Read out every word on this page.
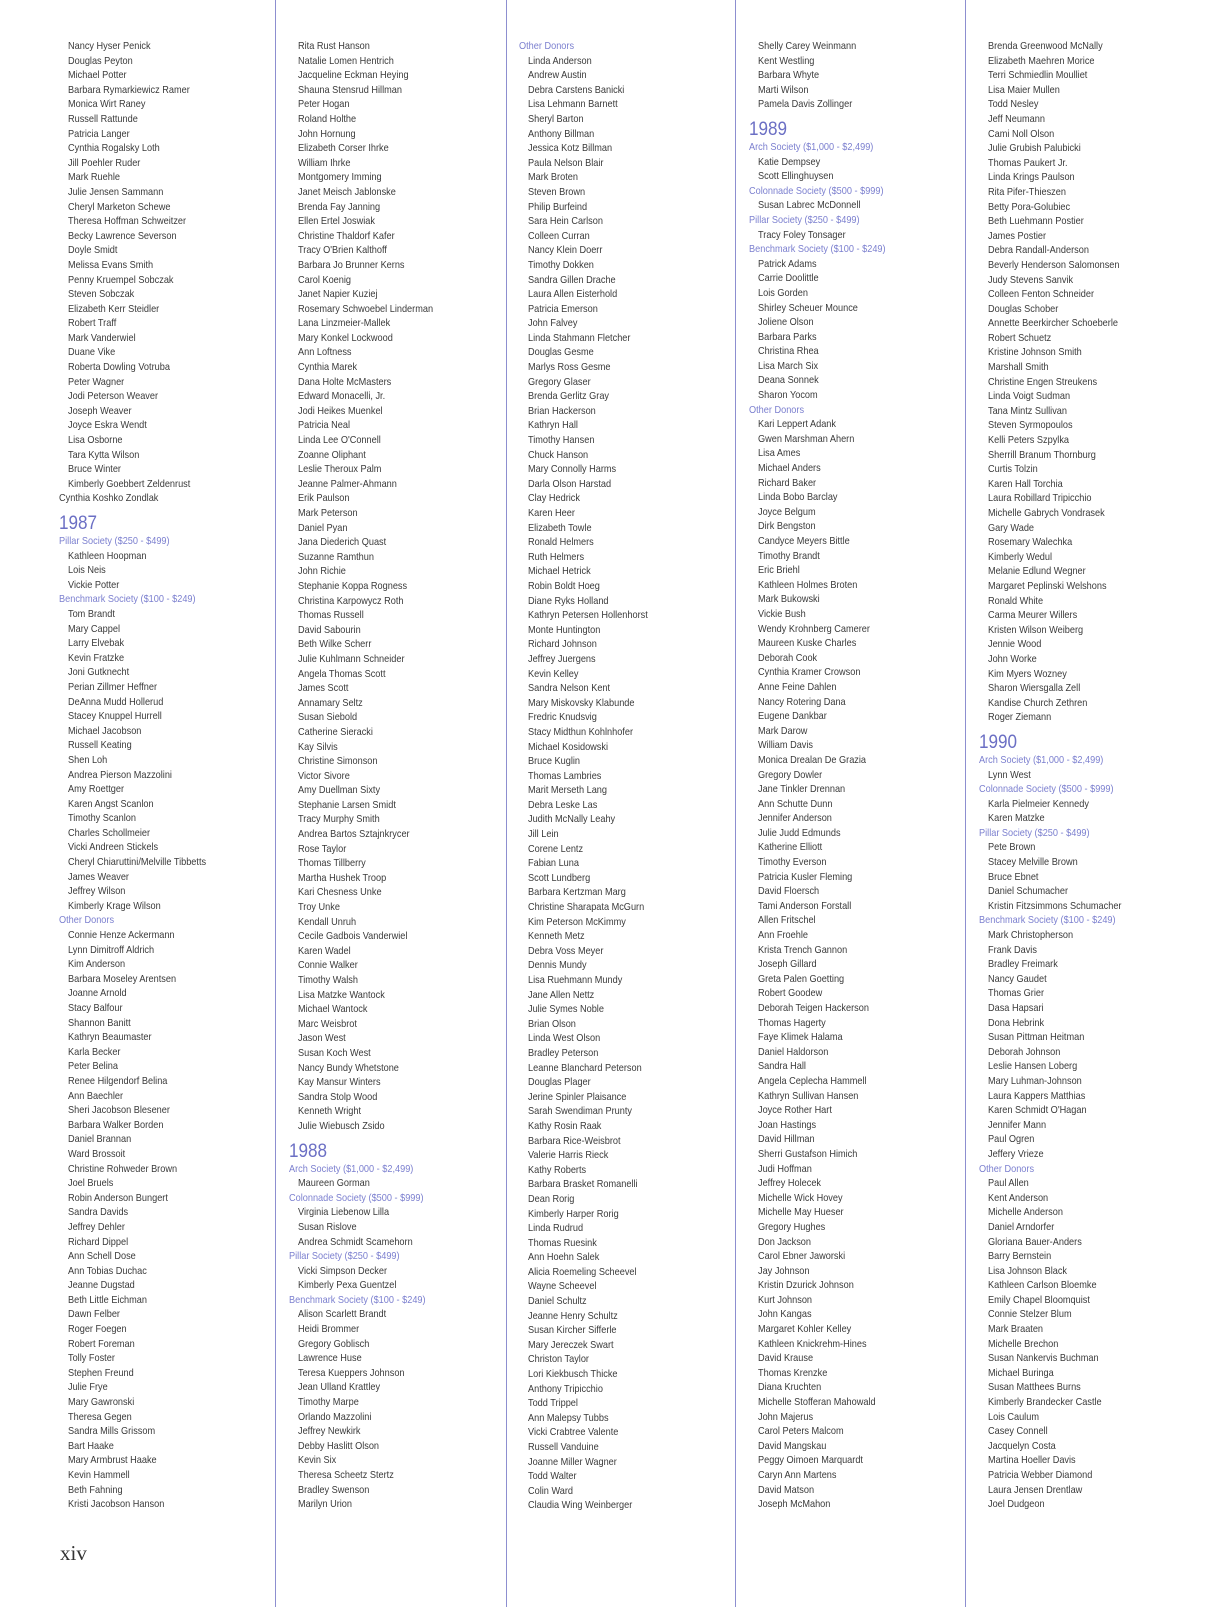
Nancy Hyser Penick
Douglas Peyton
Michael Potter
Barbara Rymarkiewicz Ramer
Monica Wirt Raney
Russell Rattunde
Patricia Langer
Cynthia Rogalsky Loth
Jill Poehler Ruder
Mark Ruehle
Julie Jensen Sammann
Cheryl Marketon Schewe
Theresa Hoffman Schweitzer
Becky Lawrence Severson
Doyle Smidt
Melissa Evans Smith
Penny Kruempel Sobczak
Steven Sobczak
Elizabeth Kerr Steidler
Robert Traff
Mark Vanderwiel
Duane Vike
Roberta Dowling Votruba
Peter Wagner
Jodi Peterson Weaver
Joseph Weaver
Joyce Eskra Wendt
Lisa Osborne
Tara Kytta Wilson
Bruce Winter
Kimberly Goebbert Zeldenrust
Cynthia Koshko Zondlak
1987
Pillar Society ($250 - $499)
Kathleen Hoopman
Lois Neis
Vickie Potter
Benchmark Society ($100 - $249)
Tom Brandt
Mary Cappel
Larry Elvebak
Kevin Fratzke
Joni Gutknecht
Perian Zillmer Heffner
DeAnna Mudd Hollerud
Stacey Knuppel Hurrell
Michael Jacobson
Russell Keating
Shen Loh
Andrea Pierson Mazzolini
Amy Roettger
Karen Angst Scanlon
Timothy Scanlon
Charles Schollmeier
Vicki Andreen Stickels
Cheryl Chiaruttini/Melville Tibbetts
James Weaver
Jeffrey Wilson
Kimberly Krage Wilson
Other Donors
Connie Henze Ackermann
Lynn Dimitroff Aldrich
Kim Anderson
Barbara Moseley Arentsen
Joanne Arnold
Stacy Balfour
Shannon Banitt
Kathryn Beaumaster
Karla Becker
Peter Belina
Renee Hilgendorf Belina
Ann Baechler
Sheri Jacobson Blesener
Barbara Walker Borden
Daniel Brannan
Ward Brossoit
Christine Rohweder Brown
Joel Bruels
Robin Anderson Bungert
Sandra Davids
Jeffrey Dehler
Richard Dippel
Ann Schell Dose
Ann Tobias Duchac
Jeanne Dugstad
Beth Little Eichman
Dawn Felber
Roger Foegen
Robert Foreman
Tolly Foster
Stephen Freund
Julie Frye
Mary Gawronski
Theresa Gegen
Sandra Mills Grissom
Bart Haake
Mary Armbrust Haake
Kevin Hammell
Beth Fahning
Kristi Jacobson Hanson
Rita Rust Hanson
Natalie Lomen Hentrich
Jacqueline Eckman Heying
Shauna Stensrud Hillman
Peter Hogan
Roland Holthe
John Hornung
Elizabeth Corser Ihrke
William Ihrke
Montgomery Imming
Janet Meisch Jablonske
Brenda Fay Janning
Ellen Ertel Joswiak
Christine Thaldorf Kafer
Tracy O'Brien Kalthoff
Barbara Jo Brunner Kerns
Carol Koenig
Janet Napier Kuziej
Rosemary Schwoebel Linderman
Lana Linzmeier-Mallek
Mary Konkel Lockwood
Ann Loftness
Cynthia Marek
Dana Holte McMasters
Edward Monacelli, Jr.
Jodi Heikes Muenkel
Patricia Neal
Linda Lee O'Connell
Zoanne Oliphant
Leslie Theroux Palm
Jeanne Palmer-Ahmann
Erik Paulson
Mark Peterson
Daniel Pyan
Jana Diederich Quast
Suzanne Ramthun
John Richie
Stephanie Koppa Rogness
Christina Karpowycz Roth
Thomas Russell
David Sabourin
Beth Wilke Scherr
Julie Kuhlmann Schneider
Angela Thomas Scott
James Scott
Annamary Seltz
Susan Siebold
Catherine Sieracki
Kay Silvis
Christine Simonson
Victor Sivore
Amy Duellman Sixty
Stephanie Larsen Smidt
Tracy Murphy Smith
Andrea Bartos Sztajnkrycer
Rose Taylor
Thomas Tillberry
Martha Hushek Troop
Kari Chesness Unke
Troy Unke
Kendall Unruh
Cecile Gadbois Vanderwiel
Karen Wadel
Connie Walker
Timothy Walsh
Lisa Matzke Wantock
Michael Wantock
Marc Weisbrot
Jason West
Susan Koch West
Nancy Bundy Whetstone
Kay Mansur Winters
Sandra Stolp Wood
Kenneth Wright
Julie Wiebusch Zsido
1988
Arch Society ($1,000 - $2,499)
Maureen Gorman
Colonnade Society ($500 - $999)
Virginia Liebenow Lilla
Susan Rislove
Andrea Schmidt Scamehorn
Pillar Society ($250 - $499)
Vicki Simpson Decker
Kimberly Pexa Guentzel
Benchmark Society ($100 - $249)
Alison Scarlett Brandt
Heidi Brommer
Gregory Goblisch
Lawrence Huse
Teresa Kueppers Johnson
Jean Ulland Krattley
Timothy Marpe
Orlando Mazzolini
Jeffrey Newkirk
Debby Haslitt Olson
Kevin Six
Theresa Scheetz Stertz
Bradley Swenson
Marilyn Urion
Other Donors
Linda Anderson
Andrew Austin
Debra Carstens Banicki
Lisa Lehmann Barnett
Sheryl Barton
Anthony Billman
Jessica Kotz Billman
Paula Nelson Blair
Mark Broten
Steven Brown
Philip Burfeind
Sara Hein Carlson
Colleen Curran
Nancy Klein Doerr
Timothy Dokken
Sandra Gillen Drache
Laura Allen Eisterhold
Patricia Emerson
John Falvey
Linda Stahmann Fletcher
Douglas Gesme
Marlys Ross Gesme
Gregory Glaser
Brenda Gerlitz Gray
Brian Hackerson
Kathryn Hall
Timothy Hansen
Chuck Hanson
Mary Connolly Harms
Darla Olson Harstad
Clay Hedrick
Karen Heer
Elizabeth Towle
Ronald Helmers
Ruth Helmers
Michael Hetrick
Robin Boldt Hoeg
Diane Ryks Holland
Kathryn Petersen Hollenhorst
Monte Huntington
Richard Johnson
Jeffrey Juergens
Kevin Kelley
Sandra Nelson Kent
Mary Miskovsky Klabunde
Fredric Knudsvig
Stacy Midthun Kohlnhofer
Michael Kosidowski
Bruce Kuglin
Thomas Lambries
Marit Merseth Lang
Debra Leske Las
Judith McNally Leahy
Jill Lein
Corene Lentz
Fabian Luna
Scott Lundberg
Barbara Kertzman Marg
Christine Sharapata McGurn
Kim Peterson McKimmy
Kenneth Metz
Debra Voss Meyer
Dennis Mundy
Lisa Ruehmann Mundy
Jane Allen Nettz
Julie Symes Noble
Brian Olson
Linda West Olson
Bradley Peterson
Leanne Blanchard Peterson
Douglas Plager
Jerine Spinler Plaisance
Sarah Swendiman Prunty
Kathy Rosin Raak
Barbara Rice-Weisbrot
Valerie Harris Rieck
Kathy Roberts
Barbara Brasket Romanelli
Dean Rorig
Kimberly Harper Rorig
Linda Rudrud
Thomas Ruesink
Ann Hoehn Salek
Alicia Roemeling Scheevel
Wayne Scheevel
Daniel Schultz
Jeanne Henry Schultz
Susan Kircher Sifferle
Mary Jereczek Swart
Christon Taylor
Lori Kiekbusch Thicke
Anthony Tripicchio
Todd Trippel
Ann Malepsy Tubbs
Vicki Crabtree Valente
Russell Vanduine
Joanne Miller Wagner
Todd Walter
Colin Ward
Claudia Wing Weinberger
Shelly Carey Weinmann
Kent Westling
Barbara Whyte
Marti Wilson
Pamela Davis Zollinger
1989
Arch Society ($1,000 - $2,499)
Katie Dempsey
Scott Ellinghuysen
Colonnade Society ($500 - $999)
Susan Labrec McDonnell
Pillar Society ($250 - $499)
Tracy Foley Tonsager
Benchmark Society ($100 - $249)
Patrick Adams
Carrie Doolittle
Lois Gorden
Shirley Scheuer Mounce
Joliene Olson
Barbara Parks
Christina Rhea
Lisa March Six
Deana Sonnek
Sharon Yocom
Other Donors
Kari Leppert Adank
Gwen Marshman Ahern
Lisa Ames
Michael Anders
Richard Baker
Linda Bobo Barclay
Joyce Belgum
Dirk Bengston
Candyce Meyers Bittle
Timothy Brandt
Eric Briehl
Kathleen Holmes Broten
Mark Bukowski
Vickie Bush
Wendy Krohnberg Camerer
Maureen Kuske Charles
Deborah Cook
Cynthia Kramer Crowson
Anne Feine Dahlen
Nancy Rotering Dana
Eugene Dankbar
Mark Darow
William Davis
Monica Drealan De Grazia
Gregory Dowler
Jane Tinkler Drennan
Ann Schutte Dunn
Jennifer Anderson
Julie Judd Edmunds
Katherine Elliott
Timothy Everson
Patricia Kusler Fleming
David Floersch
Tami Anderson Forstall
Allen Fritschel
Ann Froehle
Krista Trench Gannon
Joseph Gillard
Greta Palen Goetting
Robert Goodew
Deborah Teigen Hackerson
Thomas Hagerty
Faye Klimek Halama
Daniel Haldorson
Sandra Hall
Angela Ceplecha Hammell
Kathryn Sullivan Hansen
Joyce Rother Hart
Joan Hastings
David Hillman
Sherri Gustafson Himich
Judi Hoffman
Jeffrey Holecek
Michelle Wick Hovey
Michelle May Hueser
Gregory Hughes
Don Jackson
Carol Ebner Jaworski
Jay Johnson
Kristin Dzurick Johnson
Kurt Johnson
John Kangas
Margaret Kohler Kelley
Kathleen Knickrehm-Hines
David Krause
Thomas Krenzke
Diana Kruchten
Michelle Stofferan Mahowald
John Majerus
Carol Peters Malcom
David Mangskau
Peggy Oimoen Marquardt
Caryn Ann Martens
David Matson
Joseph McMahon
Brenda Greenwood McNally
Elizabeth Maehren Morice
Terri Schmiedlin Moulliet
Lisa Maier Mullen
Todd Nesley
Jeff Neumann
Cami Noll Olson
Julie Grubish Palubicki
Thomas Paukert Jr.
Linda Krings Paulson
Rita Pifer-Thieszen
Betty Pora-Golubiec
Beth Luehmann Postier
James Postier
Debra Randall-Anderson
Beverly Henderson Salomonsen
Judy Stevens Sanvik
Colleen Fenton Schneider
Douglas Schober
Annette Beerkircher Schoeberle
Robert Schuetz
Kristine Johnson Smith
Marshall Smith
Christine Engen Streukens
Linda Voigt Sudman
Tana Mintz Sullivan
Steven Syrmopoulos
Kelli Peters Szpylka
Sherrill Branum Thornburg
Curtis Tolzin
Karen Hall Torchia
Laura Robillard Tripicchio
Michelle Gabrych Vondrasek
Gary Wade
Rosemary Walechka
Kimberly Wedul
Melanie Edlund Wegner
Margaret Peplinski Welshons
Ronald White
Carma Meurer Willers
Kristen Wilson Weiberg
Jennie Wood
John Worke
Kim Myers Wozney
Sharon Wiersgalla Zell
Kandise Church Zethren
Roger Ziemann
1990
Arch Society ($1,000 - $2,499)
Lynn West
Colonnade Society ($500 - $999)
Karla Pielmeier Kennedy
Karen Matzke
Pillar Society ($250 - $499)
Pete Brown
Stacey Melville Brown
Bruce Ebnet
Daniel Schumacher
Kristin Fitzsimmons Schumacher
Benchmark Society ($100 - $249)
Mark Christopherson
Frank Davis
Bradley Freimark
Nancy Gaudet
Thomas Grier
Dasa Hapsari
Dona Hebrink
Susan Pittman Heitman
Deborah Johnson
Leslie Hansen Loberg
Mary Luhman-Johnson
Laura Kappers Matthias
Karen Schmidt O'Hagan
Jennifer Mann
Paul Ogren
Jeffery Vrieze
Other Donors
Paul Allen
Kent Anderson
Michelle Anderson
Daniel Arndorfer
Gloriana Bauer-Anders
Barry Bernstein
Lisa Johnson Black
Kathleen Carlson Bloemke
Emily Chapel Bloomquist
Connie Stelzer Blum
Mark Braaten
Michelle Brechon
Susan Nankervis Buchman
Michael Buringa
Susan Matthees Burns
Kimberly Brandecker Castle
Lois Caulum
Casey Connell
Jacquelyn Costa
Martina Hoeller Davis
Patricia Webber Diamond
Laura Jensen Drentlaw
Joel Dudgeon
xiv
